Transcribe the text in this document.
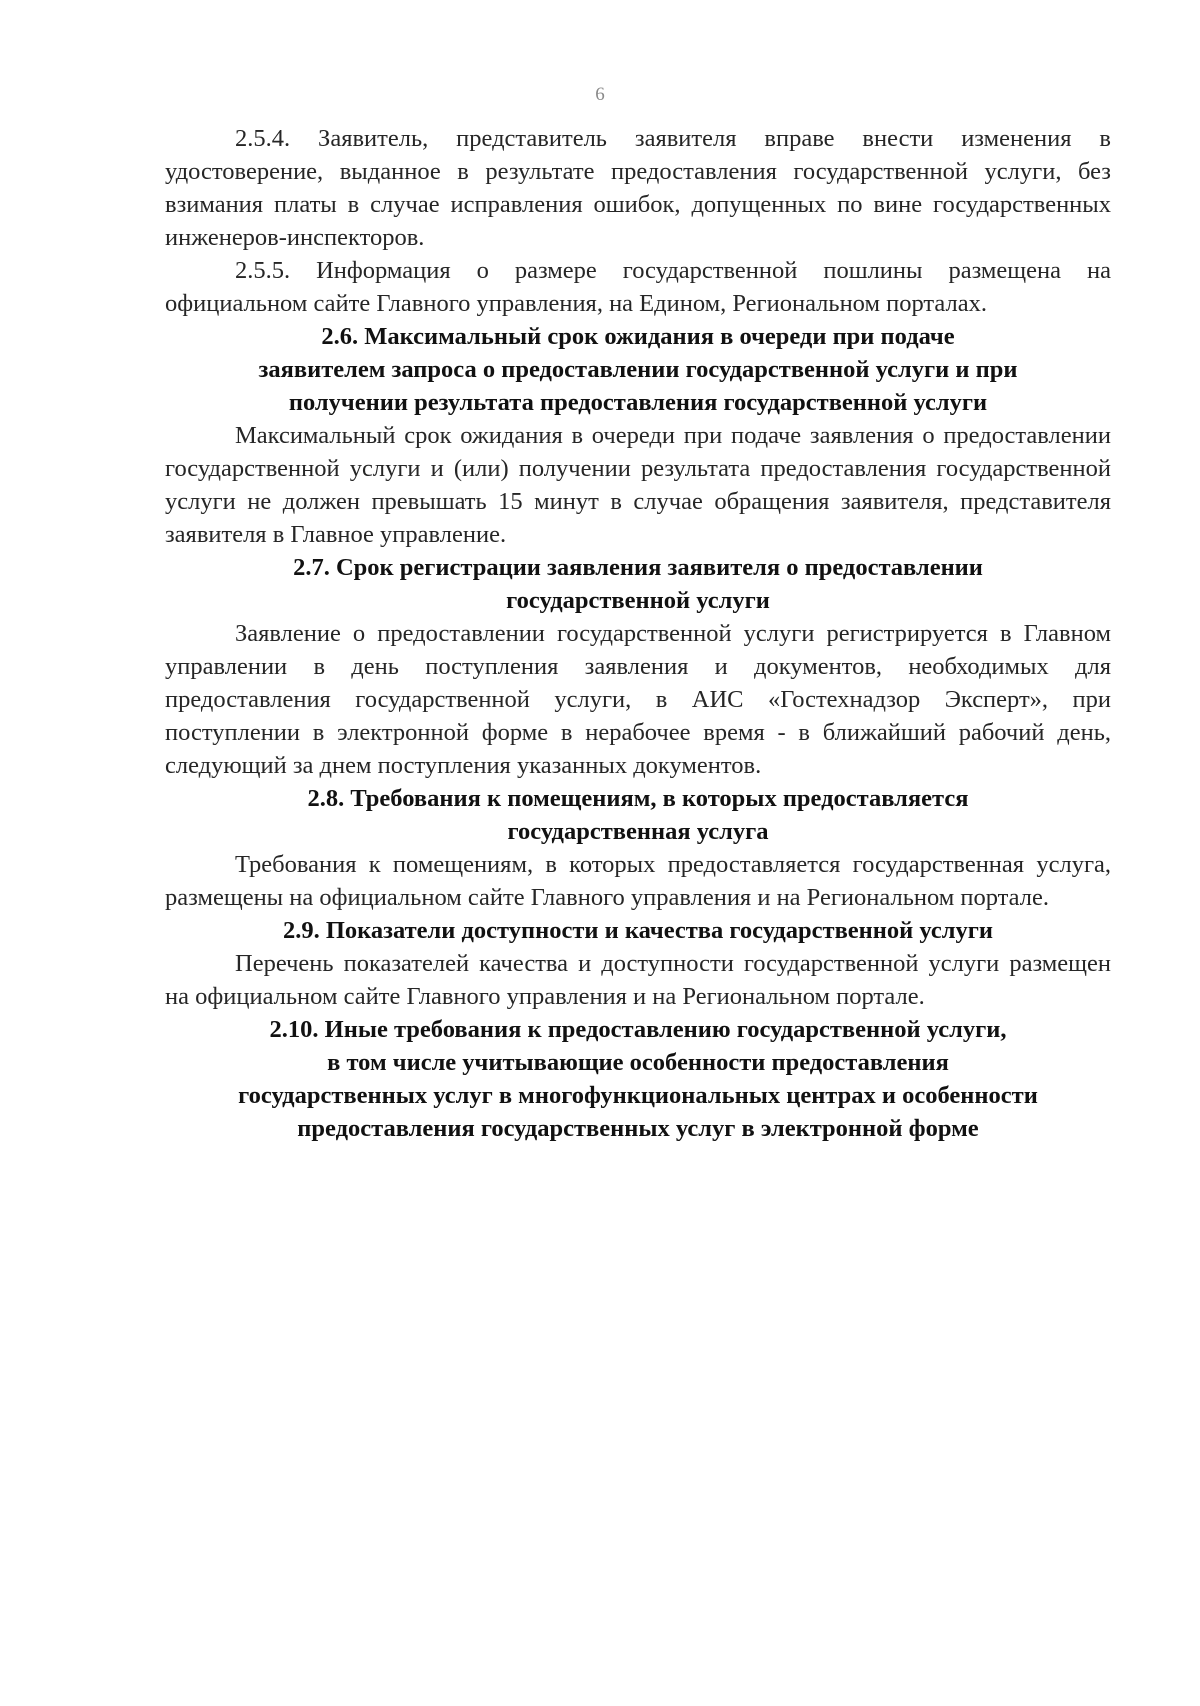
6

2.5.4. Заявитель, представитель заявителя вправе внести изменения в удостоверение, выданное в результате предоставления государственной услуги, без взимания платы в случае исправления ошибок, допущенных по вине государственных инженеров-инспекторов.

2.5.5. Информация о размере государственной пошлины размещена на официальном сайте Главного управления, на Едином, Региональном порталах.

2.6. Максимальный срок ожидания в очереди при подаче
заявителем запроса о предоставлении государственной услуги и при
получении результата предоставления государственной услуги

Максимальный срок ожидания в очереди при подаче заявления о предоставлении государственной услуги и (или) получении результата предоставления государственной услуги не должен превышать 15 минут в случае обращения заявителя, представителя заявителя в Главное управление.

2.7. Срок регистрации заявления заявителя о предоставлении
государственной услуги

Заявление о предоставлении государственной услуги регистрируется в Главном управлении в день поступления заявления и документов, необходимых для предоставления государственной услуги, в АИС «Гостехнадзор Эксперт», при поступлении в электронной форме в нерабочее время - в ближайший рабочий день, следующий за днем поступления указанных документов.

2.8. Требования к помещениям, в которых предоставляется
государственная услуга

Требования к помещениям, в которых предоставляется государственная услуга, размещены на официальном сайте Главного управления и на Региональном портале.

2.9. Показатели доступности и качества государственной услуги

Перечень показателей качества и доступности государственной услуги размещен на официальном сайте Главного управления и на Региональном портале.

2.10. Иные требования к предоставлению государственной услуги,
в том числе учитывающие особенности предоставления
государственных услуг в многофункциональных центрах и особенности
предоставления государственных услуг в электронной форме
